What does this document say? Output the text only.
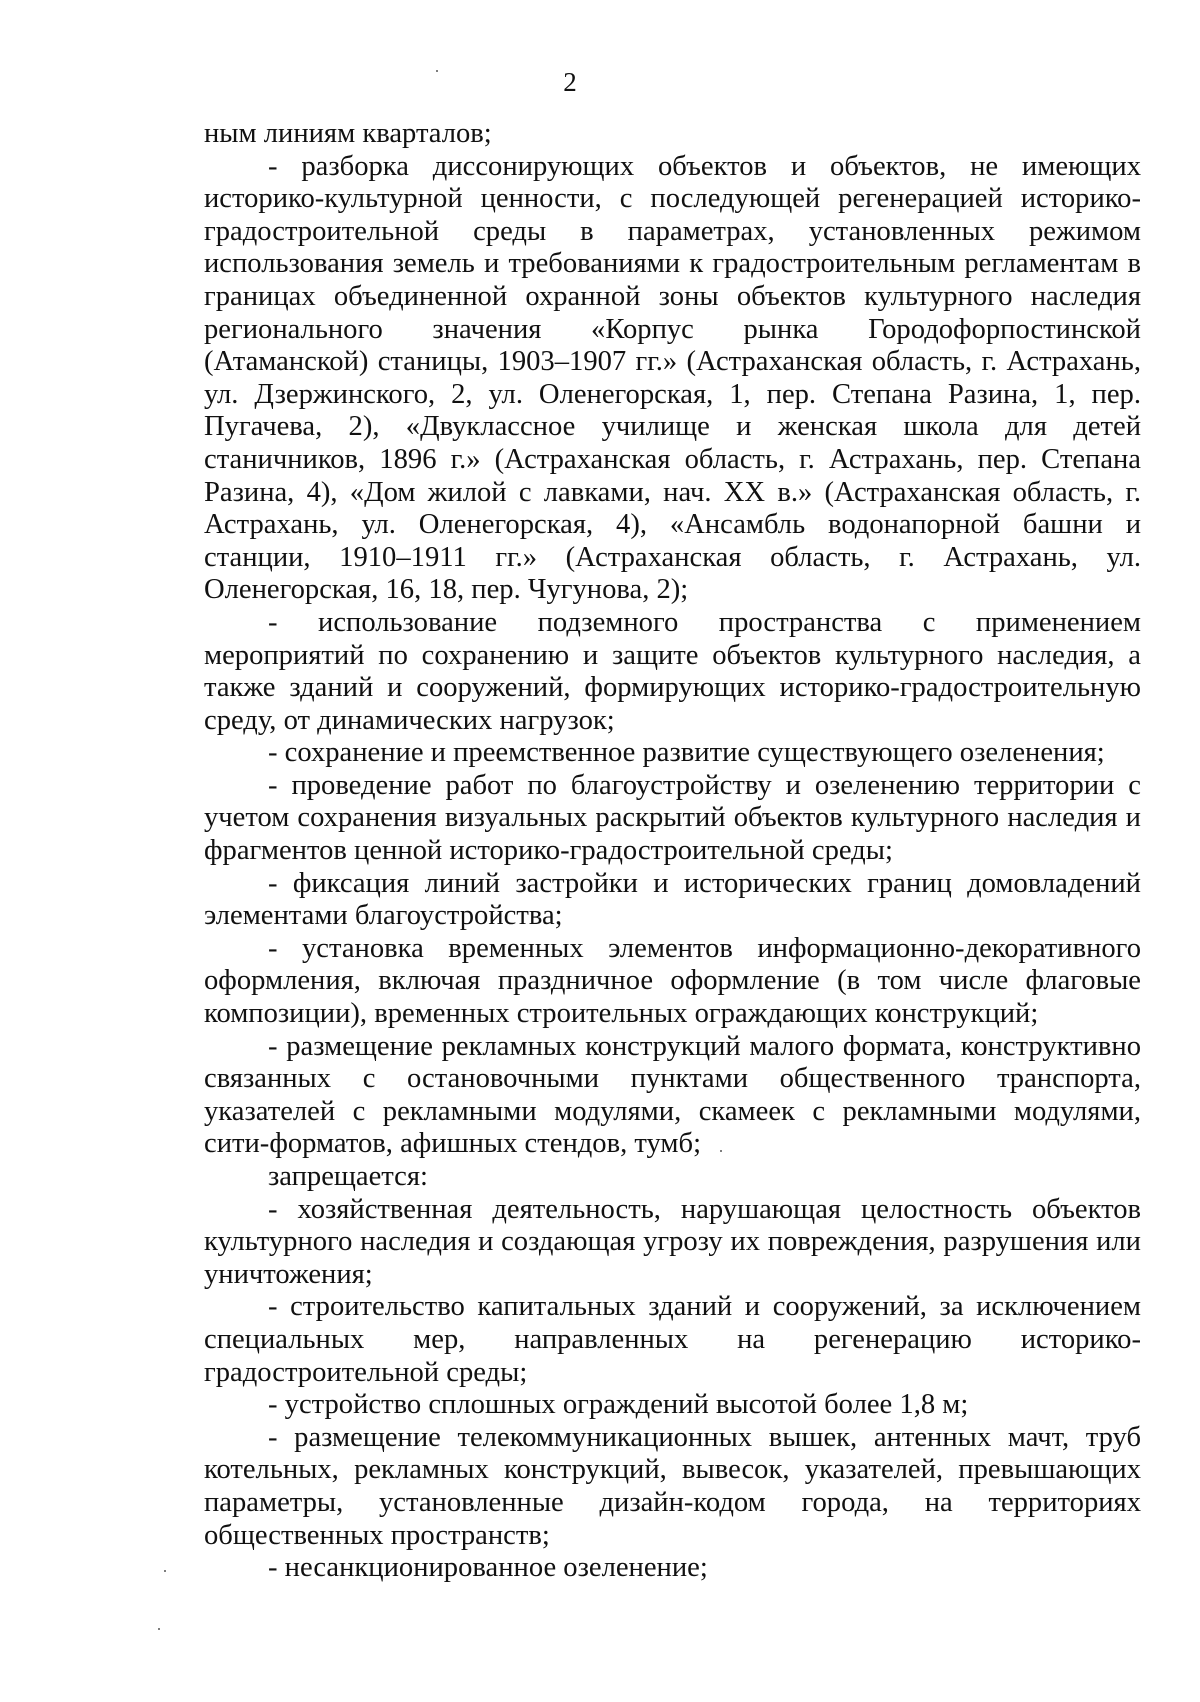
2

ным линиям кварталов;

- разборка диссонирующих объектов и объектов, не имеющих историко-культурной ценности, с последующей регенерацией историко-градостроительной среды в параметрах, установленных режимом использования земель и требованиями к градостроительным регламентам в границах объединенной охранной зоны объектов культурного наследия регионального значения «Корпус рынка Городофорпостинской (Атаманской) станицы, 1903–1907 гг.» (Астраханская область, г. Астрахань, ул. Дзержинского, 2, ул. Оленегорская, 1, пер. Степана Разина, 1, пер. Пугачева, 2), «Двуклассное училище и женская школа для детей станичников, 1896 г.» (Астраханская область, г. Астрахань, пер. Степана Разина, 4), «Дом жилой с лавками, нач. XX в.» (Астраханская область, г. Астрахань, ул. Оленегорская, 4), «Ансамбль водонапорной башни и станции, 1910–1911 гг.» (Астраханская область, г. Астрахань, ул. Оленегорская, 16, 18, пер. Чугунова, 2);

- использование подземного пространства с применением мероприятий по сохранению и защите объектов культурного наследия, а также зданий и сооружений, формирующих историко-градостроительную среду, от динамических нагрузок;

- сохранение и преемственное развитие существующего озеленения;

- проведение работ по благоустройству и озеленению территории с учетом сохранения визуальных раскрытий объектов культурного наследия и фрагментов ценной историко-градостроительной среды;

- фиксация линий застройки и исторических границ домовладений элементами благоустройства;

- установка временных элементов информационно-декоративного оформления, включая праздничное оформление (в том числе флаговые композиции), временных строительных ограждающих конструкций;

- размещение рекламных конструкций малого формата, конструктивно связанных с остановочными пунктами общественного транспорта, указателей с рекламными модулями, скамеек с рекламными модулями, сити-форматов, афишных стендов, тумб;

запрещается:

- хозяйственная деятельность, нарушающая целостность объектов культурного наследия и создающая угрозу их повреждения, разрушения или уничтожения;

- строительство капитальных зданий и сооружений, за исключением специальных мер, направленных на регенерацию историко-градостроительной среды;

- устройство сплошных ограждений высотой более 1,8 м;

- размещение телекоммуникационных вышек, антенных мачт, труб котельных, рекламных конструкций, вывесок, указателей, превышающих параметры, установленные дизайн-кодом города, на территориях общественных пространств;

- несанкционированное озеленение;
